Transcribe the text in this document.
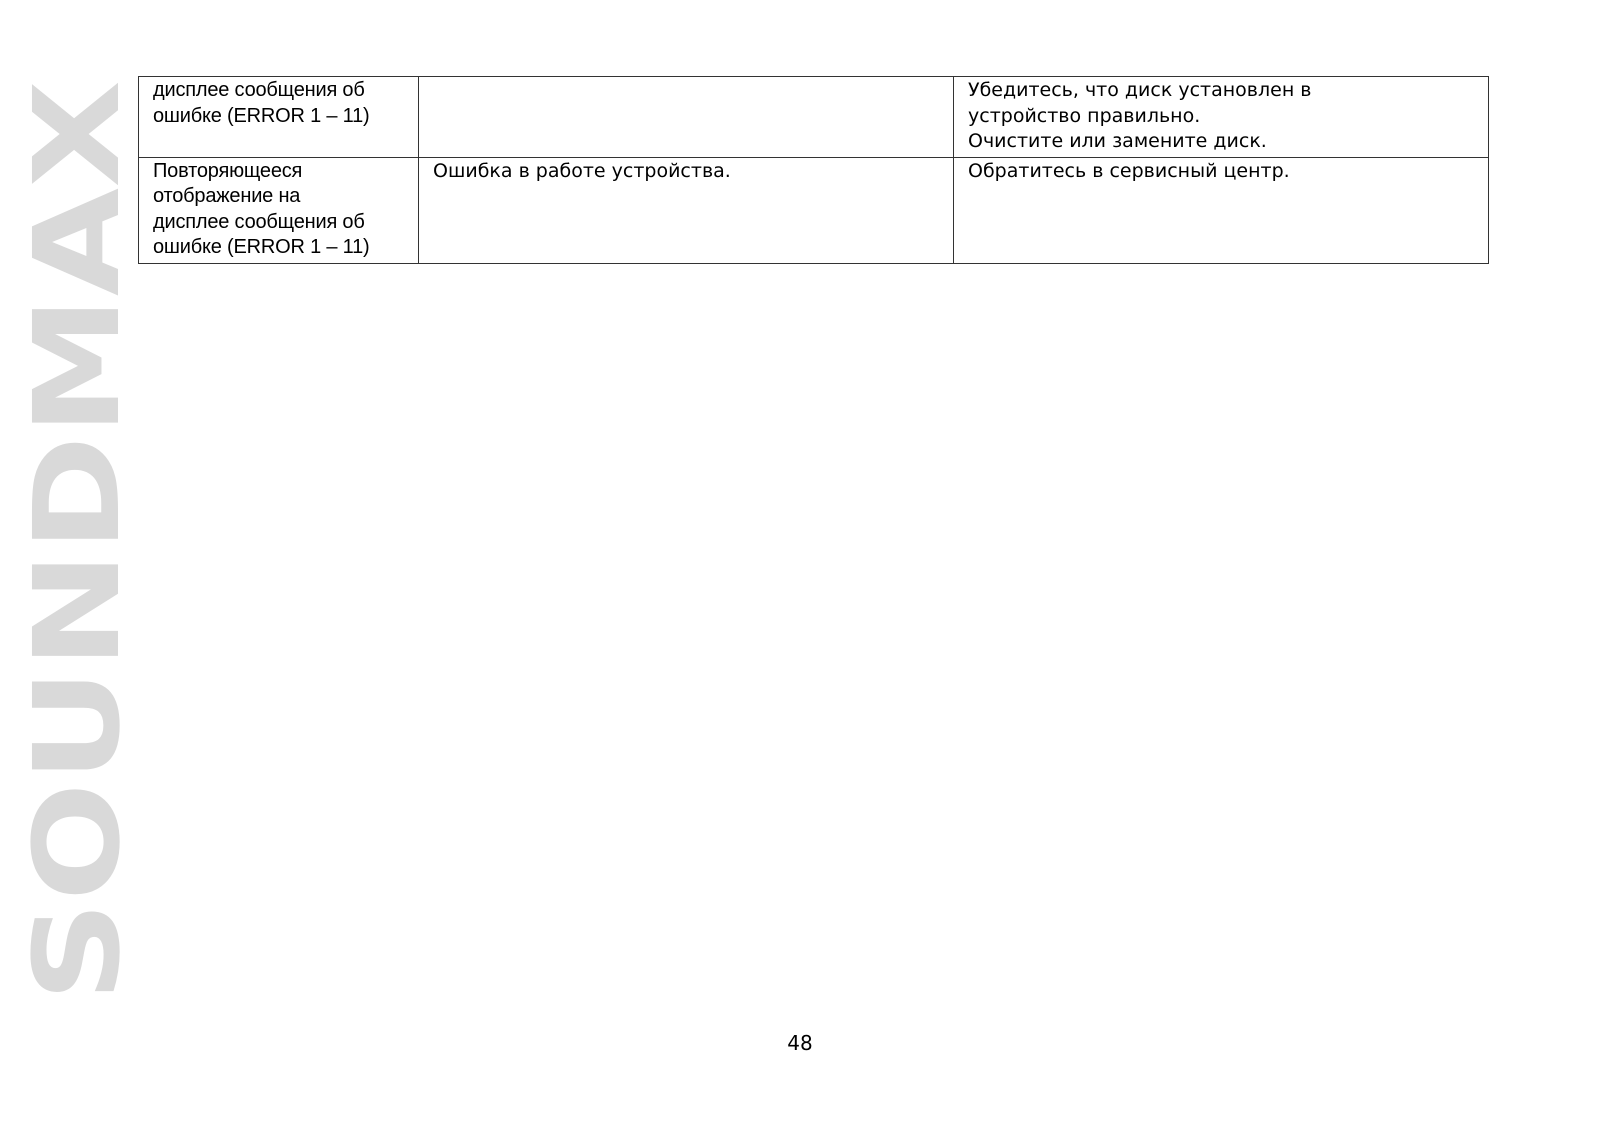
SOUNDMAX
дисплее сообщения об
ошибке (ERROR 1 – 11)		Убедитесь, что диск установлен в
устройство правильно.
Очистите или замените диск.

Повторяющееся
отображение на
дисплее сообщения об
ошибке (ERROR 1 – 11)	Ошибка в работе устройства.	Обратитесь в сервисный центр.
48
